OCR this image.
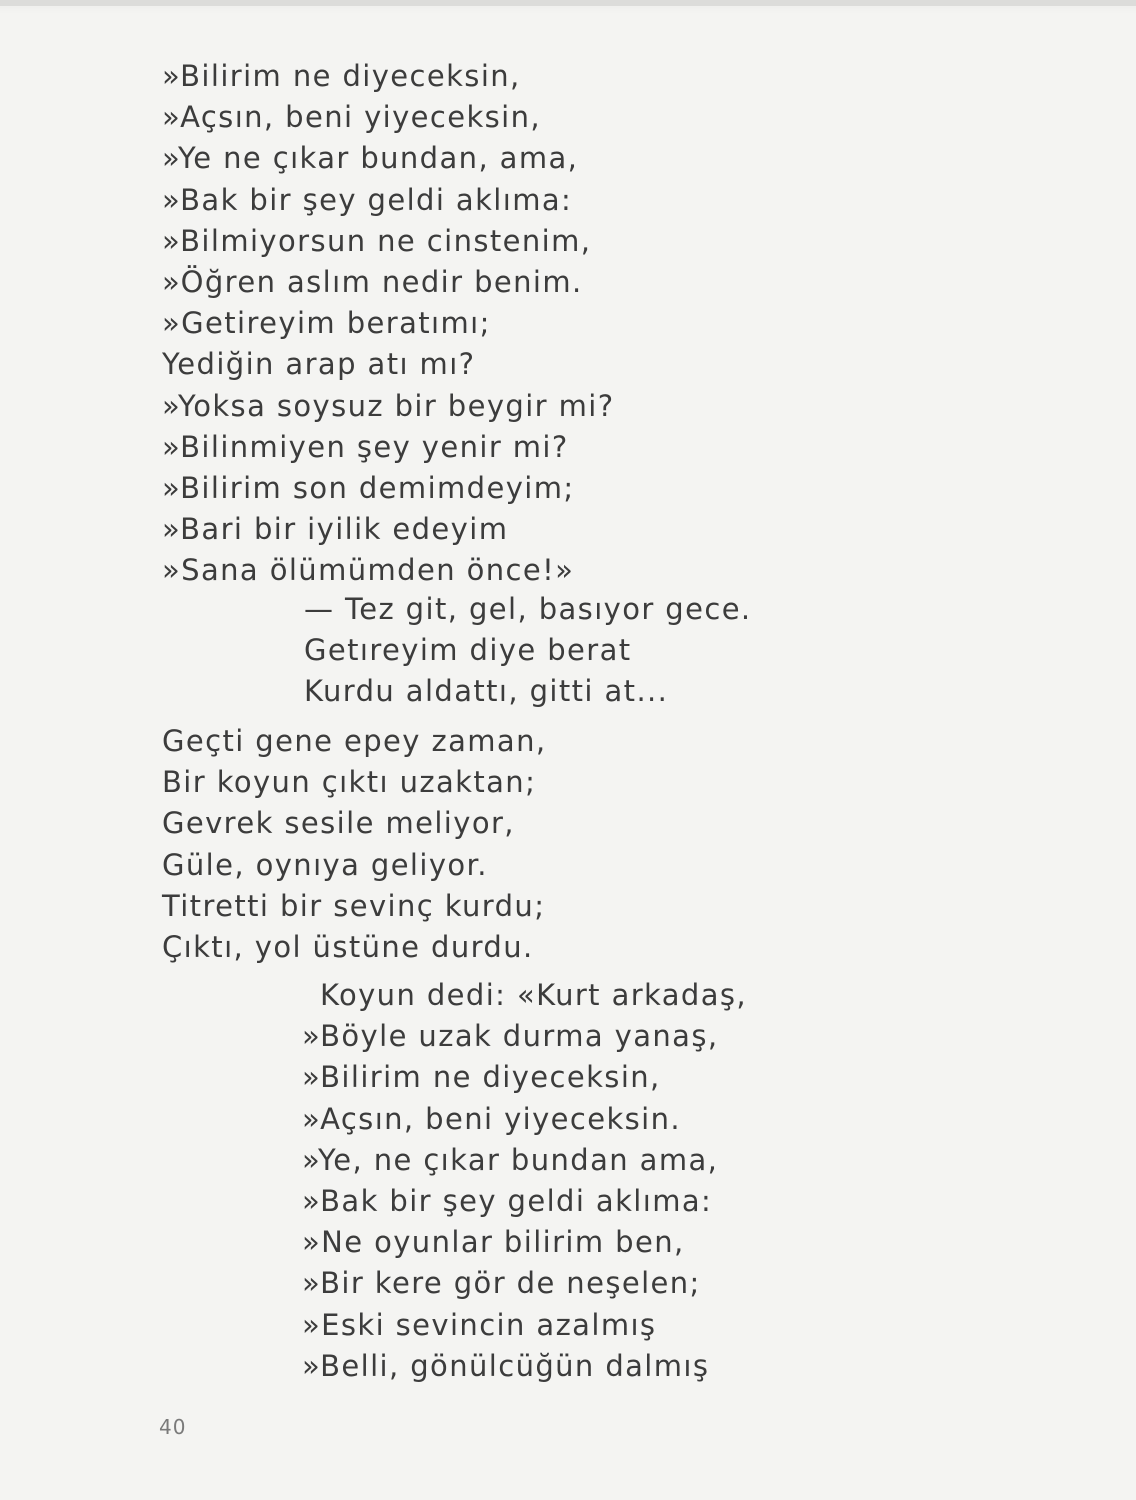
»Bilirim ne diyeceksin,
»Açsın, beni yiyeceksin,
»Ye ne çıkar bundan, ama,
»Bak bir şey geldi aklıma:
»Bilmiyorsun ne cinstenim,
»Öğren aslım nedir benim.
»Getireyim beratımı;
Yediğin arap atı mı?
»Yoksa soysuz bir beygir mi?
»Bilinmiyen şey yenir mi?
»Bilirim son demimdeyim;
»Bari bir iyilik edeyim
»Sana ölümümden önce!»
— Tez git, gel, basıyor gece.
Getıreyim diye berat
Kurdu aldattı, gitti at...
Geçti gene epey zaman,
Bir koyun çıktı uzaktan;
Gevrek sesile meliyor,
Güle, oynıya geliyor.
Titretti bir sevinç kurdu;
Çıktı, yol üstüne durdu.
Koyun dedi: «Kurt arkadaş,
»Böyle uzak durma yanaş,
»Bilirim ne diyeceksin,
»Açsın, beni yiyeceksin.
»Ye, ne çıkar bundan ama,
»Bak bir şey geldi aklıma:
»Ne oyunlar bilirim ben,
»Bir kere gör de neşelen;
»Eski sevincin azalmış
»Belli, gönülcüğün dalmış
40
